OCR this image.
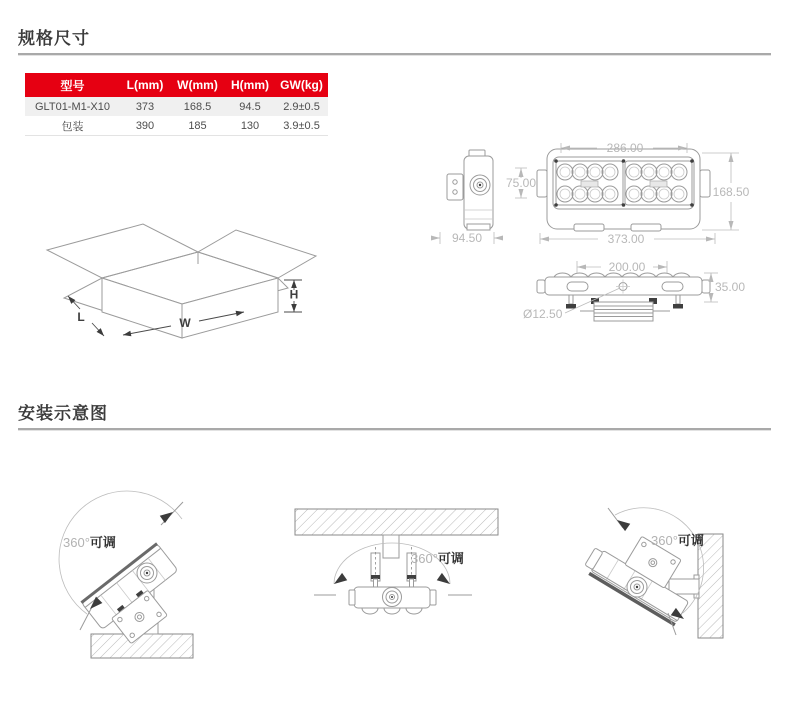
规格尺寸
型号	L(mm)	W(mm)	H(mm)	GW(kg)
GLT01-M1-X10	373	168.5	94.5	2.9±0.5
包装	390	185	130	3.9±0.5
L	W
H
94.50
286.00
75.00
168.50
373.00
200.00
35.00
Ø12.50
安装示意图
360°可调
360°可调
360°可调
